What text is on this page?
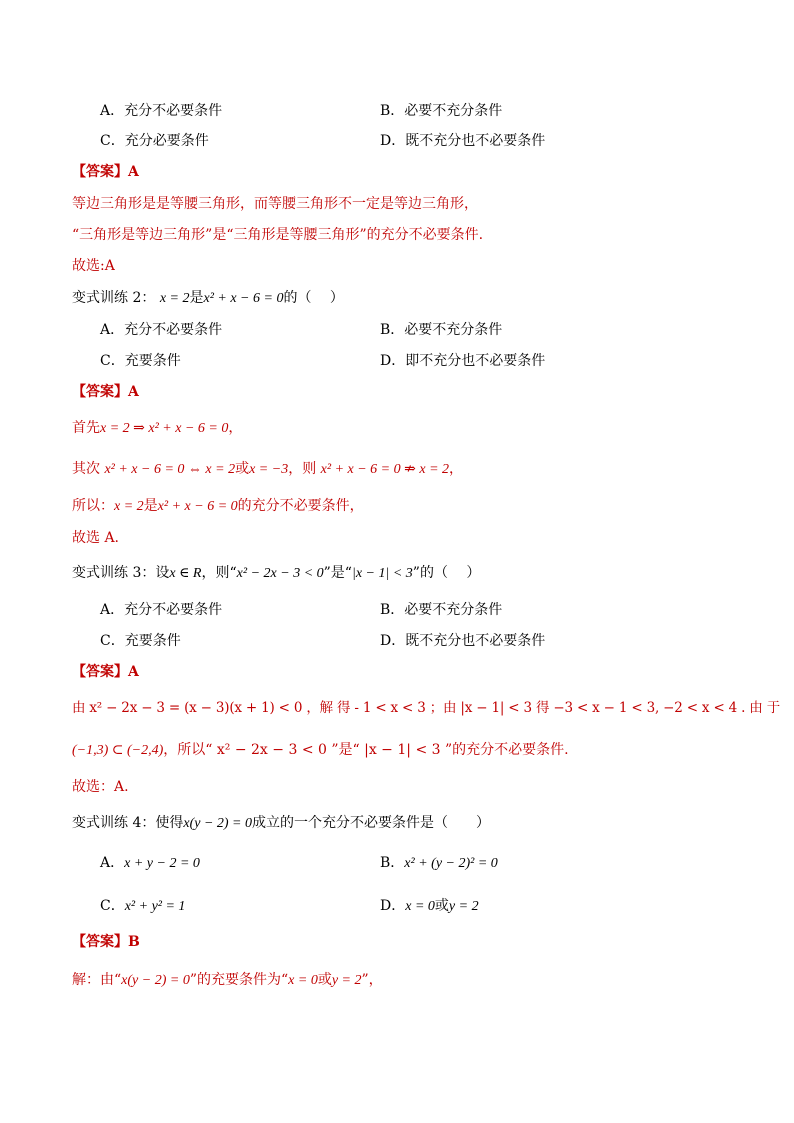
A．充分不必要条件	B．必要不充分条件
C．充分必要条件	D．既不充分也不必要条件
【答案】A
等边三角形是是等腰三角形，而等腰三角形不一定是等边三角形，
“三角形是等边三角形”是“三角形是等腰三角形”的充分不必要条件.
故选:A
变式训练 2： x = 2是x² + x − 6 = 0的（　 ）
A．充分不必要条件	B．必要不充分条件
C．充要条件	D．即不充分也不必要条件
【答案】A
首先x = 2 ⇒ x² + x − 6 = 0，
其次 x² + x − 6 = 0 ⇔ x = 2或x = −3，则 x² + x − 6 = 0 ⇏ x = 2，
所以：x = 2是x² + x − 6 = 0的充分不必要条件，
故选 A.
变式训练 3：设x ∈ R，则“x² − 2x − 3 < 0”是“|x − 1| < 3”的（　 ）
A．充分不必要条件	B．必要不充分条件
C．充要条件	D．既不充分也不必要条件
【答案】A
由 x² − 2x − 3 = (x − 3)(x + 1) < 0 ，解 得 - 1 < x < 3 ；由 |x − 1| < 3 得 −3 < x − 1 < 3, −2 < x < 4 . 由 于
(−1,3) ⊂ (−2,4)，所以“ x² − 2x − 3 < 0 ”是“ |x − 1| < 3 ”的充分不必要条件.
故选：A.
变式训练 4：使得x(y − 2) = 0成立的一个充分不必要条件是（　　）
A．x + y − 2 = 0	B．x² + (y − 2)² = 0
C．x² + y² = 1	D．x = 0或y = 2
【答案】B
解：由“x(y − 2) = 0”的充要条件为“x = 0或y = 2”，
